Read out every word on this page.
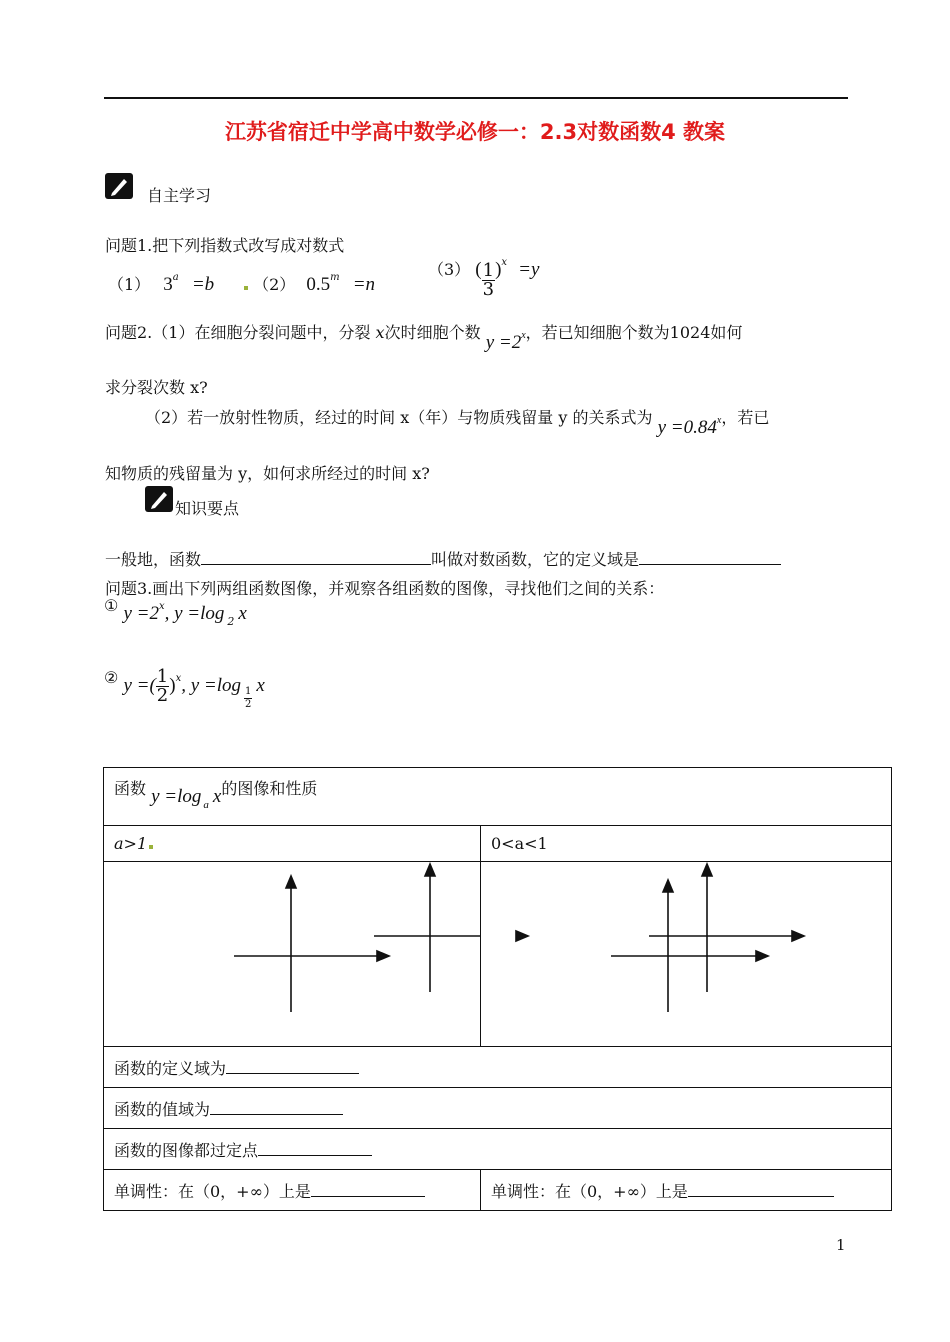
江苏省宿迁中学高中数学必修一：2.3对数函数4 教案
自主学习
问题1.把下列指数式改写成对数式
（1） $3^a =b$	（2） $0.5^m =n$
（3） ( $\frac{1}{3} )^x =y$
问题2.（1）在细胞分裂问题中，分裂 x次时细胞个数 $y =2^x$，若已知细胞个数为1024如何
求分裂次数 x?
（2）若一放射性物质，经过的时间 x（年）与物质残留量 y 的关系式为 $y =0.84^x$，若已
知物质的残留量为 y，如何求所经过的时间 x?
知识要点
一般地，函数	叫做对数函数，它的定义域是
问题3.画出下列两组函数图像，并观察各组函数的图像，寻找他们之间的关系：
① $y =2^x$, y =log $_2$ x
② y =( $\frac{1}{2} )^x$, y =log
$\frac{1}{2}$
x
函数 y =log $_a$ x的图像和性质	
a>1	0<a<1

函数的定义域为	
函数的值域为	
函数的图像都过定点	
单调性：在（0，+∞）上是	单调性：在（0，+∞）上是
1
